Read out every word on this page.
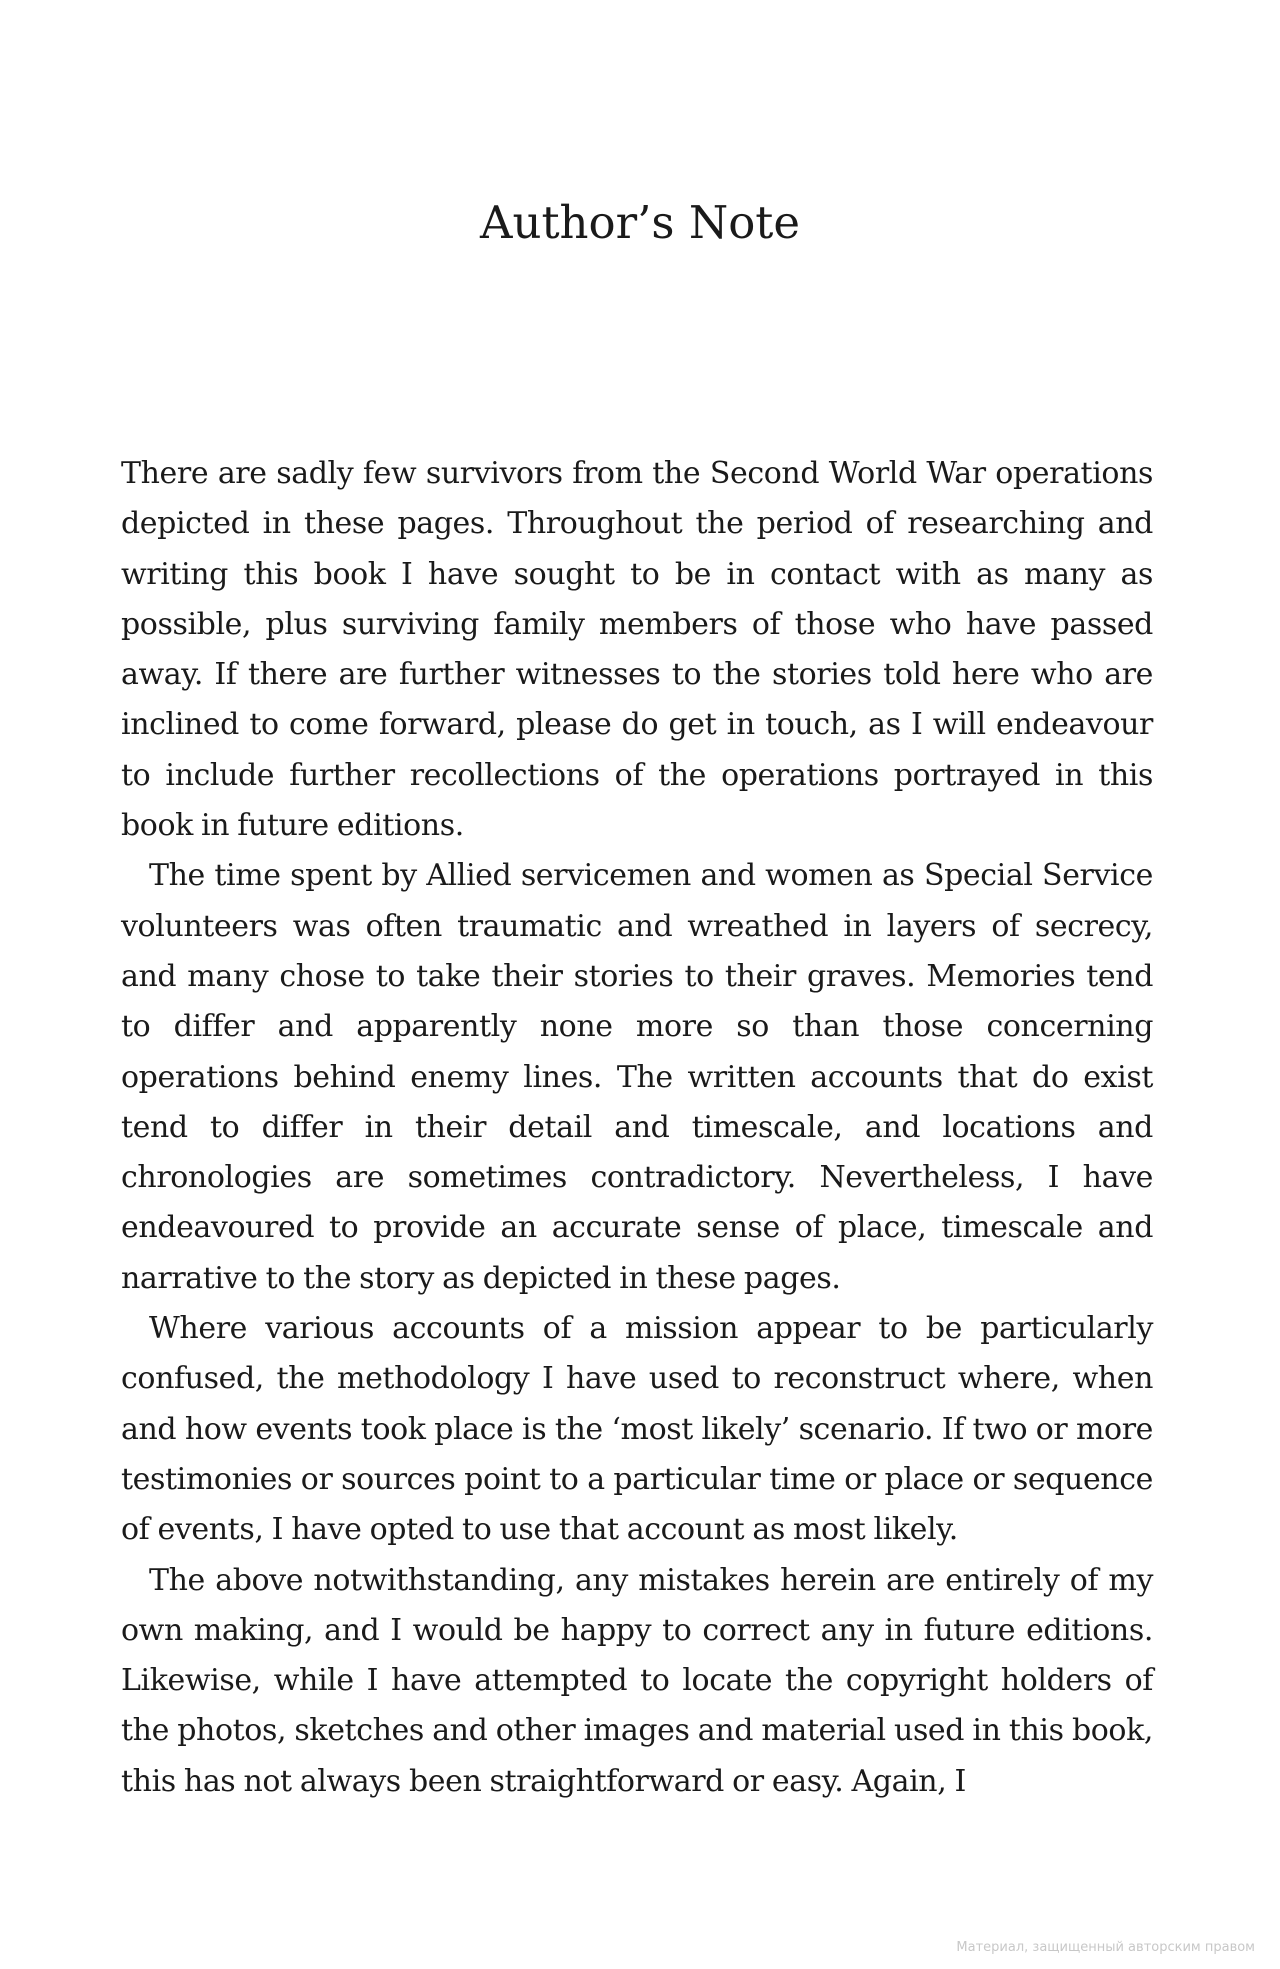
Author’s Note

There are sadly few survivors from the Second World War operations depicted in these pages. Throughout the period of researching and writing this book I have sought to be in contact with as many as possible, plus surviving family members of those who have passed away. If there are further witnesses to the stories told here who are inclined to come forward, please do get in touch, as I will endeavour to include further recollections of the operations portrayed in this book in future editions.

The time spent by Allied servicemen and women as Special Service volunteers was often traumatic and wreathed in layers of secrecy, and many chose to take their stories to their graves. Memories tend to differ and apparently none more so than those concerning operations behind enemy lines. The written accounts that do exist tend to differ in their detail and timescale, and locations and chronologies are sometimes contradictory. Nevertheless, I have endeavoured to provide an accurate sense of place, timescale and narrative to the story as depicted in these pages.

Where various accounts of a mission appear to be particularly confused, the methodology I have used to reconstruct where, when and how events took place is the ‘most likely’ scenario. If two or more testimonies or sources point to a particular time or place or sequence of events, I have opted to use that account as most likely.

The above notwithstanding, any mistakes herein are entirely of my own making, and I would be happy to correct any in future editions. Likewise, while I have attempted to locate the copyright holders of the photos, sketches and other images and material used in this book, this has not always been straightforward or easy. Again, I

Материал, защищенный авторским правом
